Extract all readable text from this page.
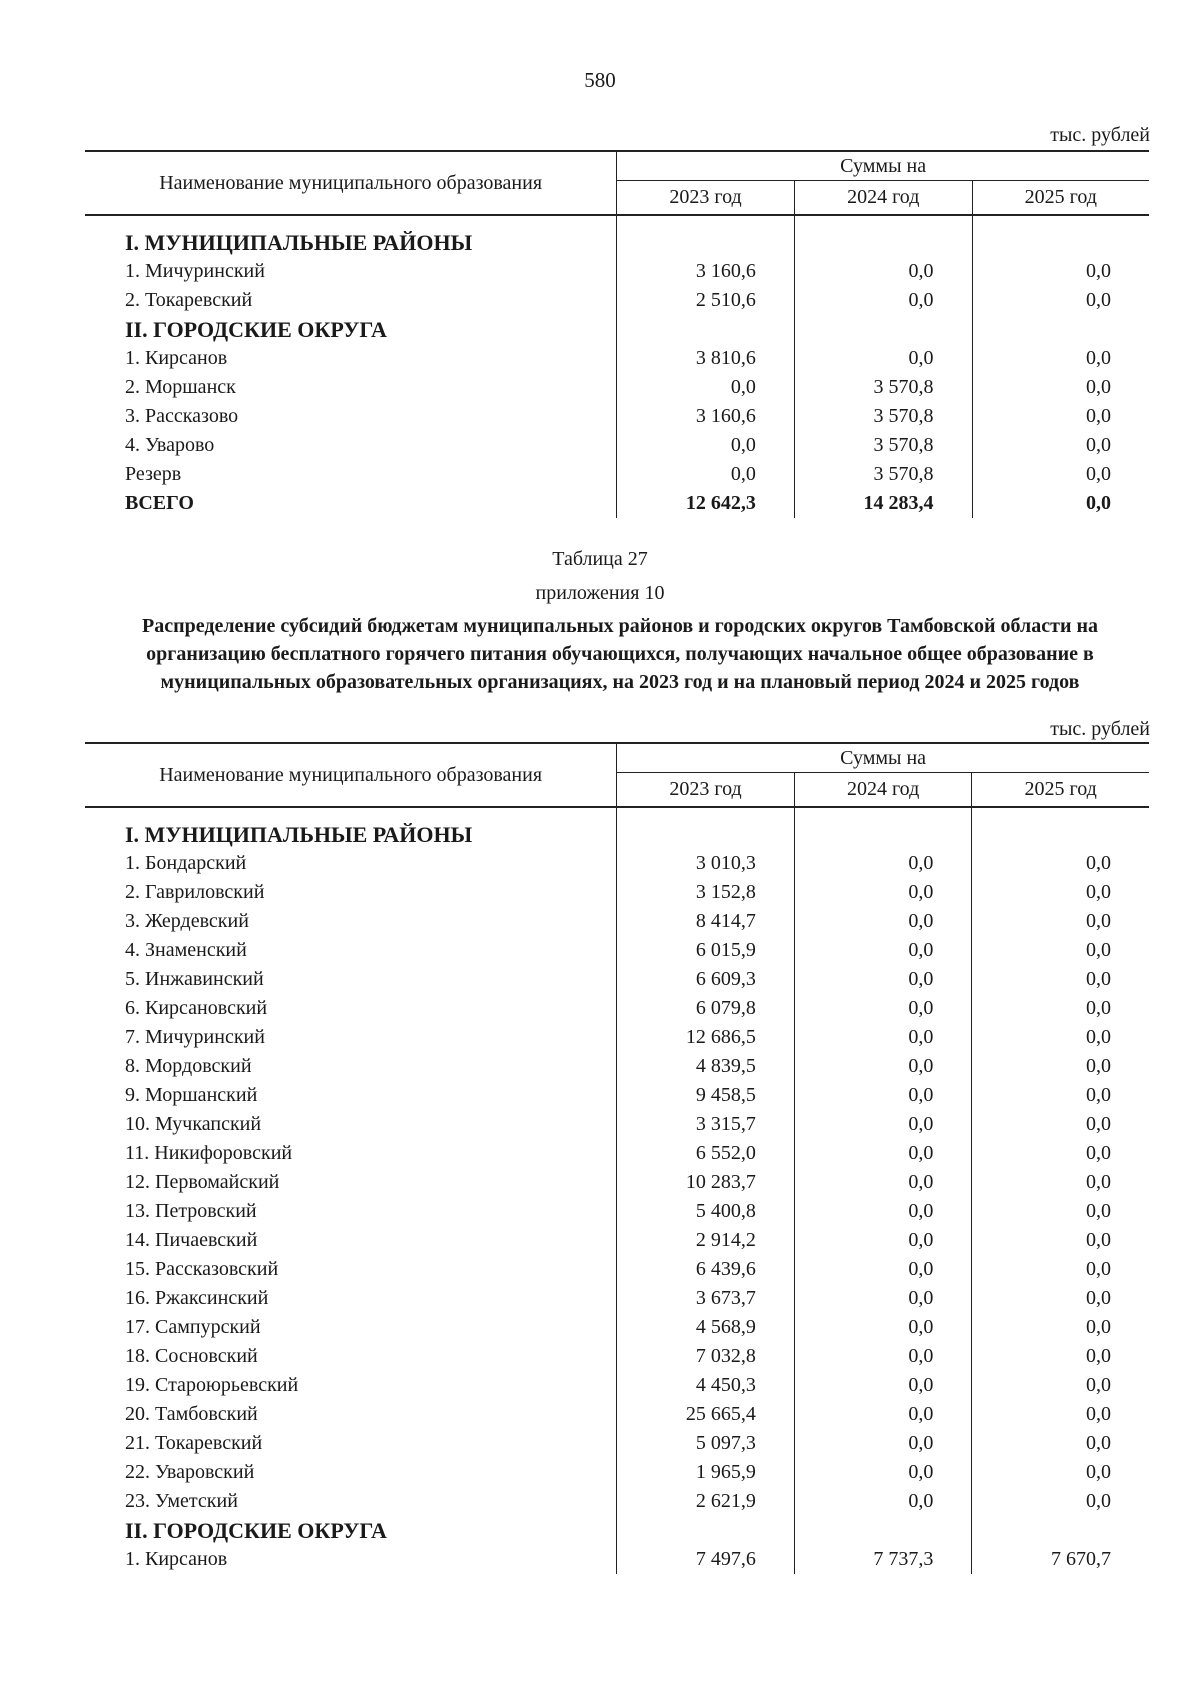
580
тыс. рублей
Наименование муниципального образования	Суммы на		
	2023 год	2024 год	2025 год

I. МУНИЦИПАЛЬНЫЕ РАЙОНЫ			
1. Мичуринский	3 160,6	0,0	0,0
2. Токаревский	2 510,6	0,0	0,0
II. ГОРОДСКИЕ ОКРУГА			
1. Кирсанов	3 810,6	0,0	0,0
2. Моршанск	0,0	3 570,8	0,0
3. Рассказово	3 160,6	3 570,8	0,0
4. Уварово	0,0	3 570,8	0,0
Резерв	0,0	3 570,8	0,0
ВСЕГО	12 642,3	14 283,4	0,0
Таблица 27
приложения 10
Распределение субсидий бюджетам муниципальных районов и городских округов Тамбовской области на организацию бесплатного горячего питания обучающихся, получающих начальное общее образование в муниципальных образовательных организациях, на 2023 год и на плановый период 2024 и 2025 годов
тыс. рублей
Наименование муниципального образования	Суммы на		
	2023 год	2024 год	2025 год

I. МУНИЦИПАЛЬНЫЕ РАЙОНЫ			
1. Бондарский	3 010,3	0,0	0,0
2. Гавриловский	3 152,8	0,0	0,0
3. Жердевский	8 414,7	0,0	0,0
4. Знаменский	6 015,9	0,0	0,0
5. Инжавинский	6 609,3	0,0	0,0
6. Кирсановский	6 079,8	0,0	0,0
7. Мичуринский	12 686,5	0,0	0,0
8. Мордовский	4 839,5	0,0	0,0
9. Моршанский	9 458,5	0,0	0,0
10. Мучкапский	3 315,7	0,0	0,0
11. Никифоровский	6 552,0	0,0	0,0
12. Первомайский	10 283,7	0,0	0,0
13. Петровский	5 400,8	0,0	0,0
14. Пичаевский	2 914,2	0,0	0,0
15. Рассказовский	6 439,6	0,0	0,0
16. Ржаксинский	3 673,7	0,0	0,0
17. Сампурский	4 568,9	0,0	0,0
18. Сосновский	7 032,8	0,0	0,0
19. Староюрьевский	4 450,3	0,0	0,0
20. Тамбовский	25 665,4	0,0	0,0
21. Токаревский	5 097,3	0,0	0,0
22. Уваровский	1 965,9	0,0	0,0
23. Уметский	2 621,9	0,0	0,0
II. ГОРОДСКИЕ ОКРУГА			
1. Кирсанов	7 497,6	7 737,3	7 670,7
